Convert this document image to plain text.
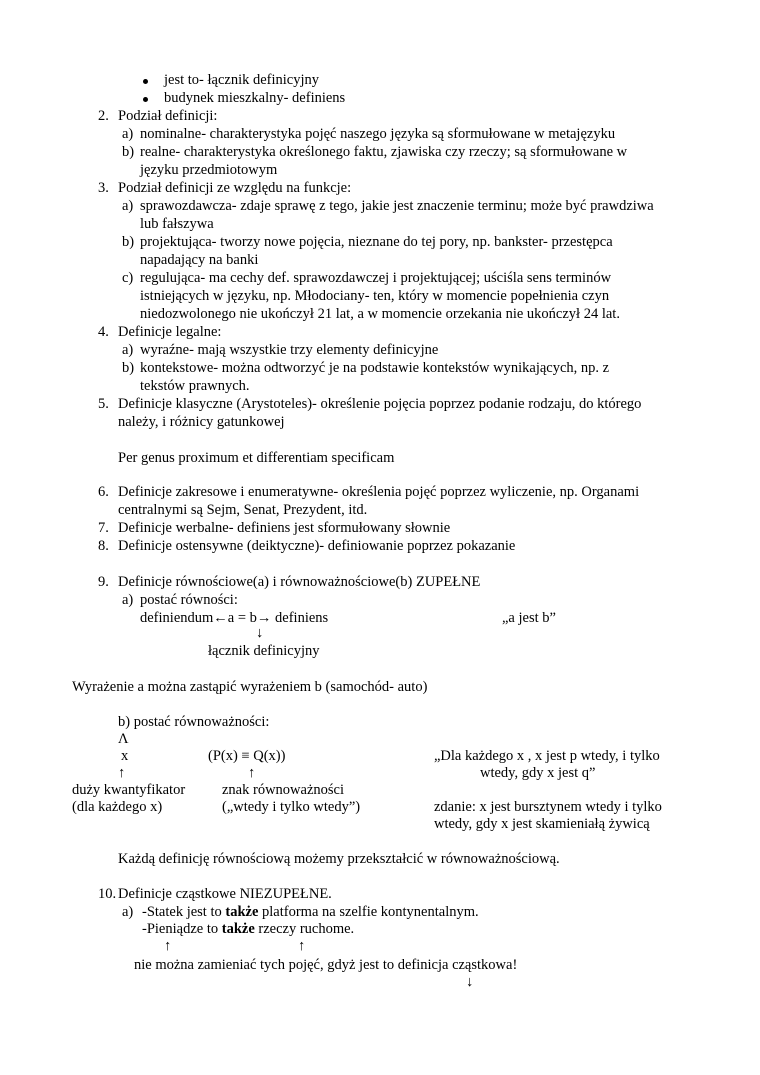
jest to- łącznik definicyjny
budynek mieszkalny- definiens
2. Podział definicji:
a) nominalne- charakterystyka pojęć naszego języka są sformułowane w metajęzyku
b) realne- charakterystyka określonego faktu, zjawiska czy rzeczy; są sformułowane w
języku przedmiotowym
3. Podział definicji ze względu na funkcje:
a) sprawozdawcza- zdaje sprawę z tego, jakie jest znaczenie terminu; może być prawdziwa
lub fałszywa
b) projektująca- tworzy nowe pojęcia, nieznane do tej pory, np. bankster- przestępca
napadający na banki
c) regulująca- ma cechy def. sprawozdawczej i projektującej; uściśla sens terminów
istniejących w języku, np. Młodociany- ten, który w momencie popełnienia czyn
niedozwolonego nie ukończył 21 lat, a w momencie orzekania nie ukończył 24 lat.
4. Definicje legalne:
a) wyraźne- mają wszystkie trzy elementy definicyjne
b) kontekstowe- można odtworzyć je na podstawie kontekstów wynikających, np. z
tekstów prawnych.
5. Definicje klasyczne (Arystoteles)- określenie pojęcia poprzez podanie rodzaju, do którego
należy, i różnicy gatunkowej
Per genus proximum et differentiam specificam
6. Definicje zakresowe i enumeratywne- określenia pojęć poprzez wyliczenie, np. Organami
centralnymi są Sejm, Senat, Prezydent, itd.
7. Definicje werbalne- definiens jest sformułowany słownie
8. Definicje ostensywne (deiktyczne)- definiowanie poprzez pokazanie
9. Definicje równościowe(a) i równoważnościowe(b) ZUPEŁNE
a) postać równości:
definiendum←a = b→ definiens	„a jest b”
↓
łącznik definicyjny
Wyrażenie a można zastąpić wyrażeniem b (samochód- auto)
b) postać równoważności:
Λ
x	(P(x) ≡ Q(x))	„Dla każdego x , x jest p wtedy, i tylko
↑	↑	wtedy, gdy x jest q”
duży kwantyfikator	znak równoważności
(dla każdego x)	(„wtedy i tylko wtedy”)	zdanie: x jest bursztynem wtedy i tylko
wtedy, gdy x jest skamieniałą żywicą
Każdą definicję równościową możemy przekształcić w równoważnościową.
10. Definicje cząstkowe NIEZUPEŁNE.
a) -Statek jest to także platforma na szelfie kontynentalnym.
-Pieniądze to także rzeczy ruchome.
↑	↑
nie można zamieniać tych pojęć, gdyż jest to definicja cząstkowa!
↓
